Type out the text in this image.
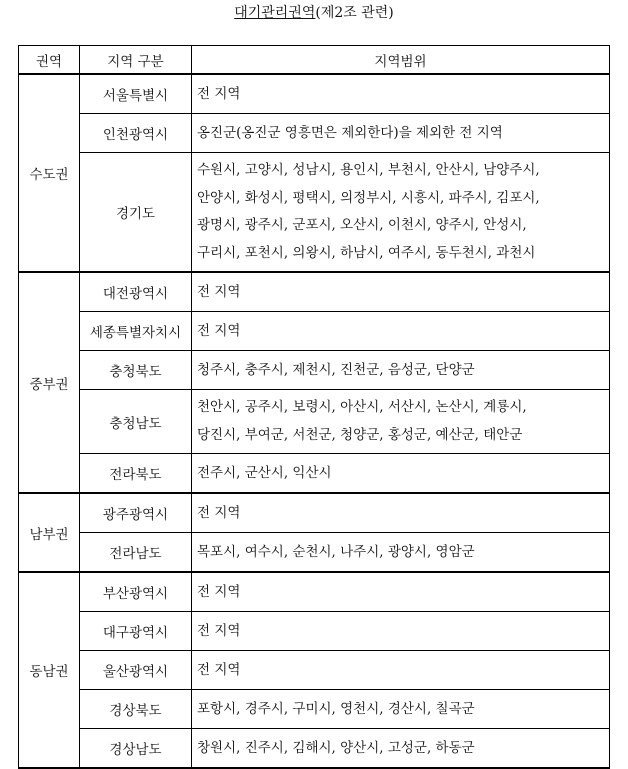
대기관리권역(제2조 관련)
권역	지역 구분	지역범위
수도권	서울특별시	전 지역

	인천광역시	옹진군(옹진군 영흥면은 제외한다)을 제외한 전 지역

	경기도	수원시, 고양시, 성남시, 용인시, 부천시, 안산시, 남양주시,
안양시, 화성시, 평택시, 의정부시, 시흥시, 파주시, 김포시,
광명시, 광주시, 군포시, 오산시, 이천시, 양주시, 안성시,
구리시, 포천시, 의왕시, 하남시, 여주시, 동두천시, 과천시

중부권	대전광역시	전 지역

	세종특별자치시	전 지역

	충청북도	청주시, 충주시, 제천시, 진천군, 음성군, 단양군

	충청남도	천안시, 공주시, 보령시, 아산시, 서산시, 논산시, 계룡시,
당진시, 부여군, 서천군, 청양군, 홍성군, 예산군, 태안군

	전라북도	전주시, 군산시, 익산시

남부권	광주광역시	전 지역

	전라남도	목포시, 여수시, 순천시, 나주시, 광양시, 영암군

동남권	부산광역시	전 지역

	대구광역시	전 지역

	울산광역시	전 지역

	경상북도	포항시, 경주시, 구미시, 영천시, 경산시, 칠곡군

	경상남도	창원시, 진주시, 김해시, 양산시, 고성군, 하동군
